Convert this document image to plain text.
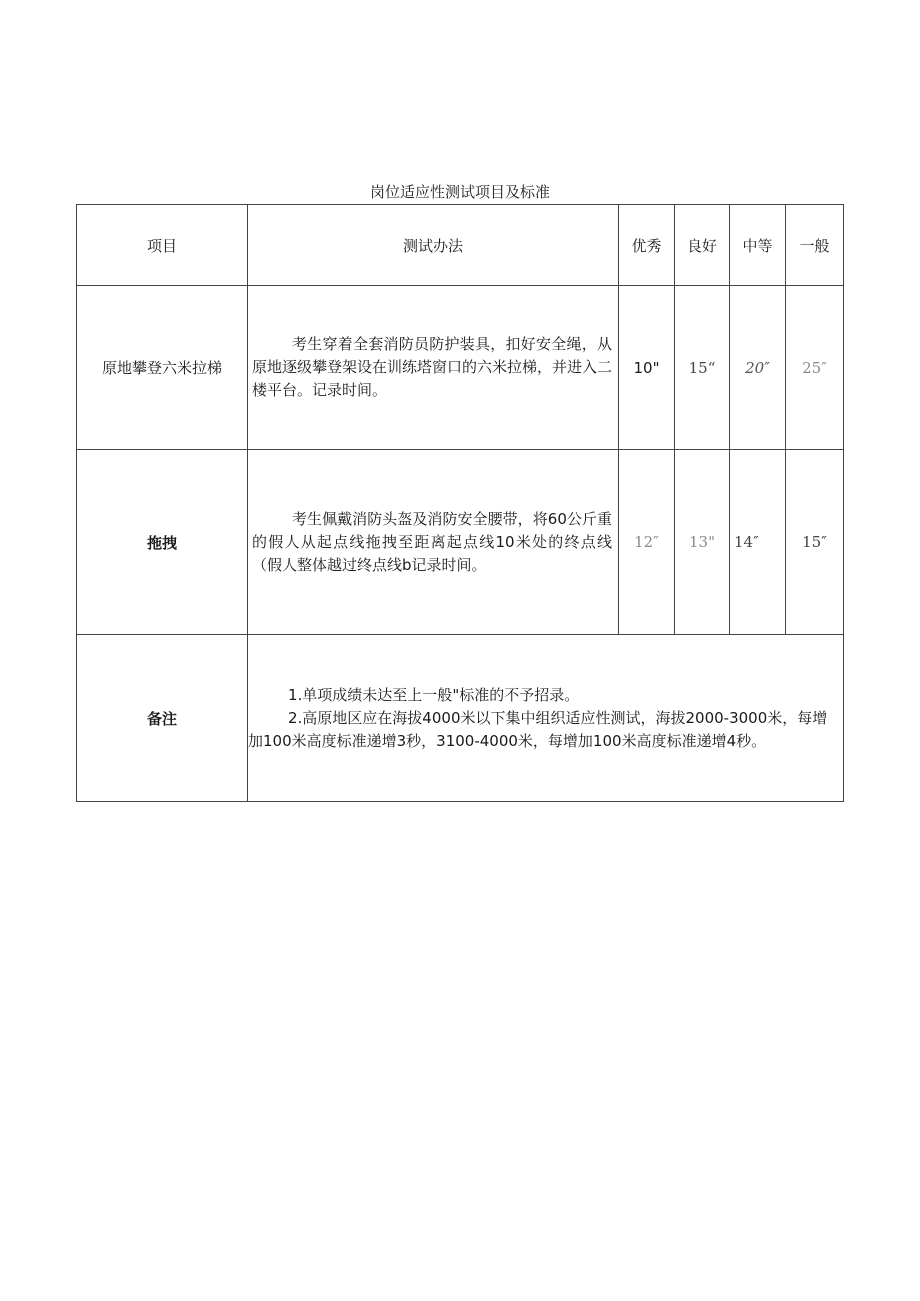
岗位适应性测试项目及标准
项目	测试办法	优秀	良好	中等	一般
原地攀登六米拉梯	考生穿着全套消防员防护装具，扣好安全绳，从原地逐级攀登架设在训练塔窗口的六米拉梯，并进入二楼平台。记录时间。	10"	15“	20″	25″
拖拽	考生佩戴消防头盔及消防安全腰带，将60公斤重的假人从起点线拖拽至距离起点线10米处的终点线（假人整体越过终点线b记录时间。	12″	13"	14″	15″
备注	1.单项成绩未达至上一般"标准的不予招录。
2.高原地区应在海拔4000米以下集中组织适应性测试，海拔2000-3000米，每增加100米高度标准递增3秒，3100-4000米，每增加100米高度标准递增4秒。				
